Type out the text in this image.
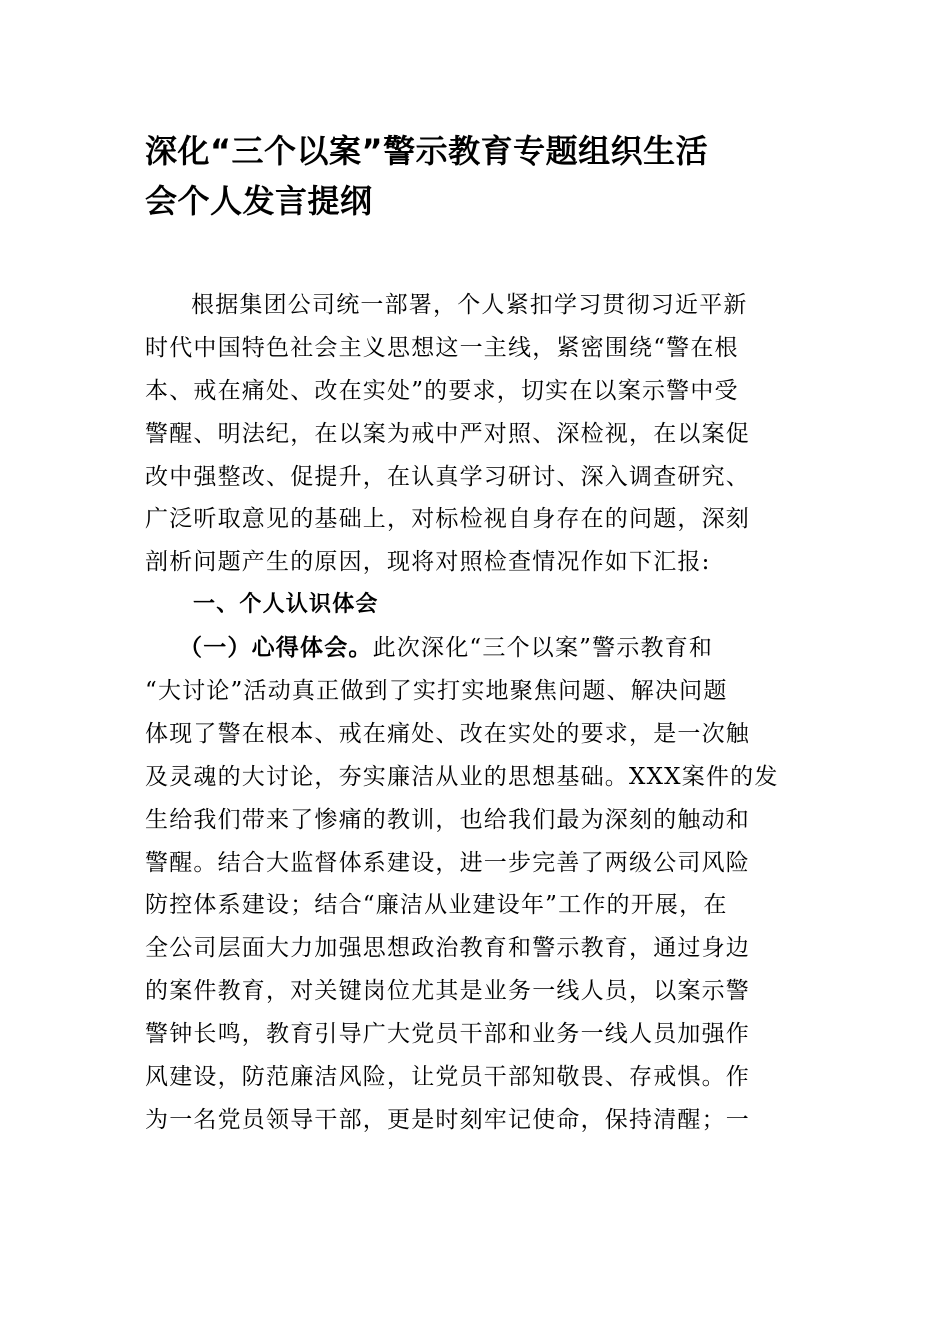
深化“三个以案”警示教育专题组织生活
会个人发言提纲
根据集团公司统一部署，个人紧扣学习贯彻习近平新
时代中国特色社会主义思想这一主线，紧密围绕“警在根
本、戒在痛处、改在实处”的要求，切实在以案示警中受
警醒、明法纪，在以案为戒中严对照、深检视，在以案促
改中强整改、促提升，在认真学习研讨、深入调查研究、
广泛听取意见的基础上，对标检视自身存在的问题，深刻
剖析问题产生的原因，现将对照检查情况作如下汇报:
一、个人认识体会
（一）心得体会。此次深化“三个以案”警示教育和
“大讨论”活动真正做到了实打实地聚焦问题、解决问题
体现了警在根本、戒在痛处、改在实处的要求，是一次触
及灵魂的大讨论，夯实廉洁从业的思想基础。XXX案件的发
生给我们带来了惨痛的教训，也给我们最为深刻的触动和
警醒。结合大监督体系建设，进一步完善了两级公司风险
防控体系建设；结合“廉洁从业建设年”工作的开展，在
全公司层面大力加强思想政治教育和警示教育，通过身边
的案件教育，对关键岗位尤其是业务一线人员，以案示警
警钟长鸣，教育引导广大党员干部和业务一线人员加强作
风建设，防范廉洁风险，让党员干部知敬畏、存戒惧。作
为一名党员领导干部，更是时刻牢记使命，保持清醒；一
